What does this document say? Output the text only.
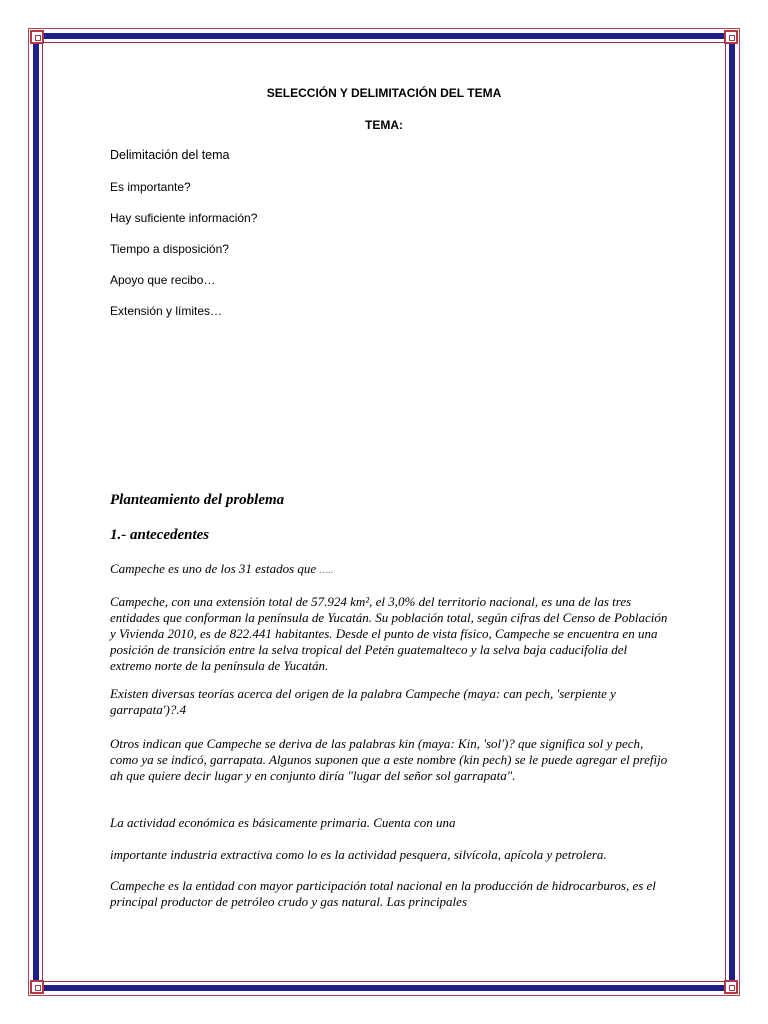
SELECCIÓN Y DELIMITACIÓN DEL TEMA
TEMA:
Delimitación del tema
Es importante?
Hay suficiente información?
Tiempo a disposición?
Apoyo que recibo…
Extensión y límites…
Planteamiento del problema
1.- antecedentes
Campeche es uno de los 31 estados que …..
Campeche, con una extensión total de 57.924 km², el 3,0% del territorio nacional, es una de las tres entidades que conforman la península de Yucatán. Su población total, según cifras del Censo de Población y Vivienda 2010, es de 822.441 habitantes. Desde el punto de vista físico, Campeche se encuentra en una posición de transición entre la selva tropical del Petén guatemalteco y la selva baja caducifolia del extremo norte de la península de Yucatán.
Existen diversas teorías acerca del origen de la palabra Campeche (maya: can pech, 'serpiente y garrapata')?.4
Otros indican que Campeche se deriva de las palabras kin (maya: Kin, 'sol')? que significa sol y pech, como ya se indicó, garrapata. Algunos suponen que a este nombre (kin pech) se le puede agregar el prefijo ah que quiere decir lugar y en conjunto diría "lugar del señor sol garrapata".
La actividad económica es básicamente primaria. Cuenta con una
importante industria extractiva como lo es la actividad pesquera, silvícola, apícola y petrolera.
Campeche es la entidad con mayor participación total nacional en la producción de hidrocarburos, es el principal productor de petróleo crudo y gas natural. Las principales
